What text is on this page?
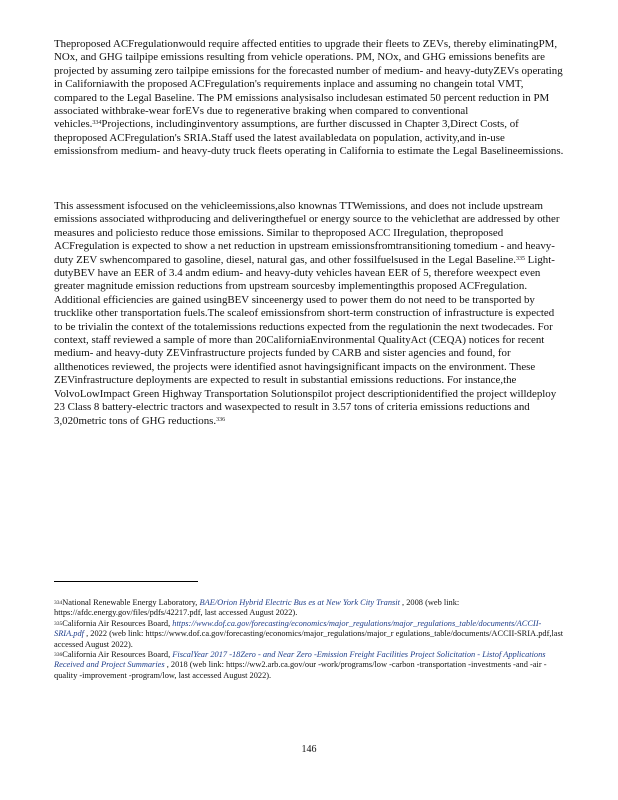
Theproposed ACFregulationwould require affected entities to upgrade their fleets to ZEVs, thereby eliminatingPM, NOx, and GHG tailpipe emissions resulting from vehicle operations. PM, NOx, and GHG emissions benefits are projected by assuming zero tailpipe emissions for the forecasted number of medium- and heavy-dutyZEVs operating in Californiawith the proposed ACFregulation's requirements inplace and assuming no changein total VMT, compared to the Legal Baseline. The PM emissions analysisalso includesan estimated 50 percent reduction in PM associated withbrake-wear forEVs due to regenerative braking when compared to conventional vehicles.$^{334}$Projections, includinginventory assumptions, are further discussed in Chapter 3,Direct Costs, of theproposed ACFregulation's SRIA.Staff used the latest availabledata on population, activity,and in-use emissionsfrom medium- and heavy-duty truck fleets operating in California to estimate the Legal Baselineemissions.

This assessment isfocused on the vehicleemissions,also knownas TTWemissions, and does not include upstream emissions associated withproducing and deliveringthefuel or energy source to the vehiclethat are addressed by other measures and policiesto reduce those emissions. Similar to theproposed ACC IIregulation, theproposed ACFregulation is expected to show a net reduction in upstream emissionsfromtransitioning tomedium - and heavy-duty ZEV swhencompared to gasoline, diesel, natural gas, and other fossilfuelsused in the Legal Baseline.$^{335}$ Light-dutyBEV have an EER of 3.4 andm edium- and heavy-duty vehicles havean EER of 5, therefore weexpect even greater magnitude emission reductions from upstream sourcesby implementingthis proposed ACFregulation. Additional efficiencies are gained usingBEV sinceenergy used to power them do not need to be transported by trucklike other transportation fuels.The scaleof emissionsfrom short-term construction of infrastructure is expected to be trivialin the context of the totalemissions reductions expected from the regulationin the next twodecades. For context, staff reviewed a sample of more than 20CaliforniaEnvironmental QualityAct (CEQA) notices for recent medium- and heavy-duty ZEVinfrastructure projects funded by CARB and sister agencies and found, for allthenotices reviewed, the projects were identified asnot havingsignificant impacts on the environment. These ZEVinfrastructure deployments are expected to result in substantial emissions reductions. For instance,the VolvoLowImpact Green Highway Transportation Solutionspilot project descriptionidentified the project willdeploy 23 Class 8 battery-electric tractors and wasexpected to result in 3.57 tons of criteria emissions reductions and 3,020metric tons of GHG reductions.$^{336}$

$^{334}$National Renewable Energy Laboratory, BAE/Orion Hybrid Electric Bus es at New York City Transit , 2008 (web link: https://afdc.energy.gov/files/pdfs/42217.pdf, last accessed August 2022).

$^{335}$California Air Resources Board, https://www.dof.ca.gov/forecasting/economics/major_regulations/major_regulations_table/documents/ACCII-SRIA.pdf , 2022 (web link: https://www.dof.ca.gov/forecasting/economics/major_regulations/major_r egulations_table/documents/ACCII-SRIA.pdf,last accessed August 2022).

$^{336}$California Air Resources Board, FiscalYear 2017 -18Zero - and Near Zero -Emission Freight Facilities Project Solicitation - Listof Applications Received and Project Summaries , 2018 (web link: https://ww2.arb.ca.gov/our -work/programs/low -carbon -transportation -investments -and -air -quality -improvement -program/low, last accessed August 2022).

146
